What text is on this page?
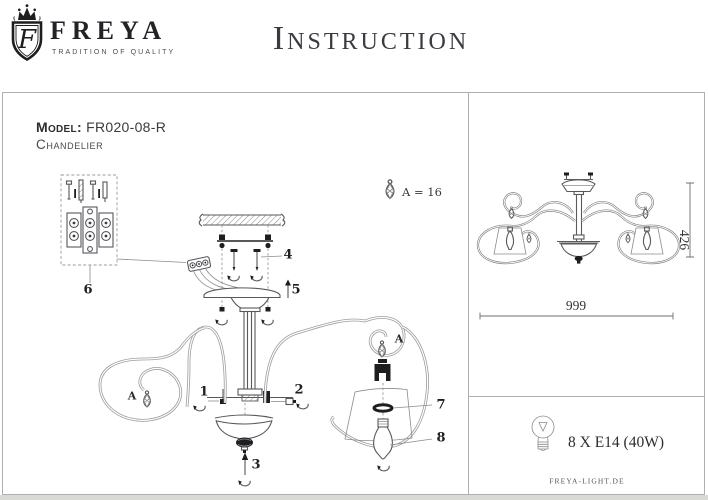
F FREYA
TRADITION OF QUALITY	Instruction
Model: FR020-08-R
Chandelier
A = 16
1	2
3
4
5
6
7
8
A
A
426
999
8 X E14 (40W)
FREYA-LIGHT.DE
